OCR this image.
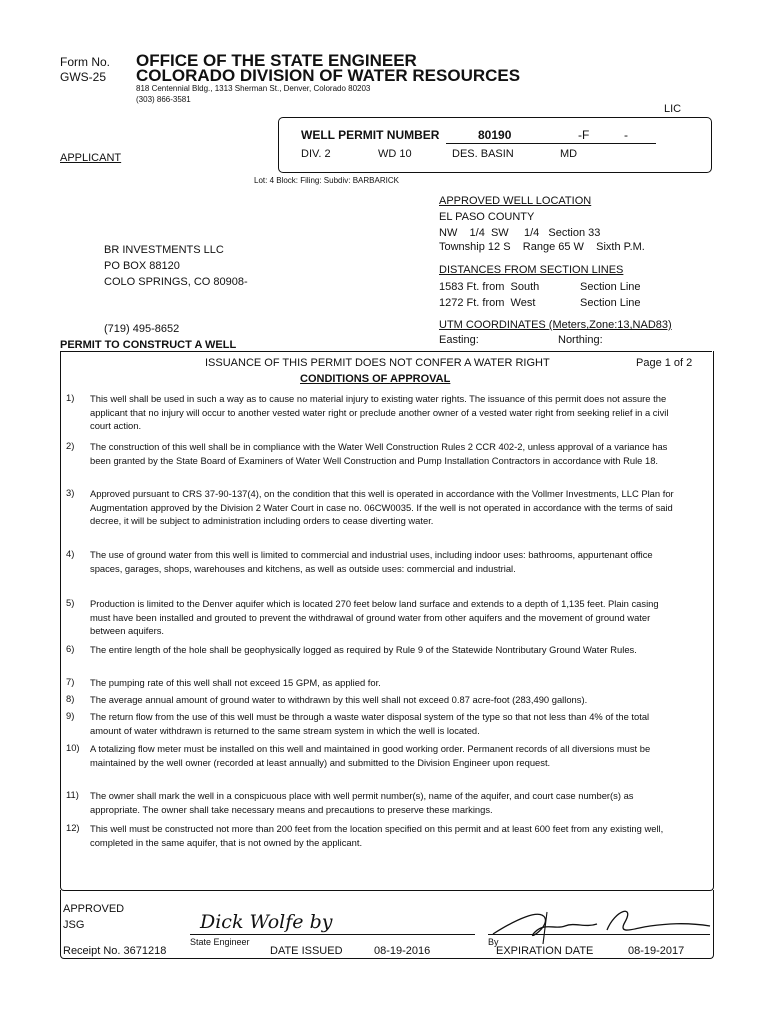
Form No.
GWS-25
OFFICE OF THE STATE ENGINEER
COLORADO DIVISION OF WATER RESOURCES
818 Centennial Bldg., 1313 Sherman St., Denver, Colorado 80203
(303) 866-3581
LIC
WELL PERMIT NUMBER	80190	-F	-
DIV. 2	WD 10	DES. BASIN	MD
Lot: 4 Block: Filing: Subdiv: BARBARICK
APPLICANT
BR INVESTMENTS LLC
PO BOX 88120
COLO SPRINGS, CO 80908-
(719) 495-8652
APPROVED WELL LOCATION
EL PASO COUNTY
NW    1/4  SW     1/4   Section 33
Township 12 S    Range 65 W    Sixth P.M.
DISTANCES FROM SECTION LINES
1583 Ft. from  South	Section Line
1272 Ft. from  West	Section Line
UTM COORDINATES (Meters,Zone:13,NAD83)
Easting:	Northing:
PERMIT TO CONSTRUCT A WELL
ISSUANCE OF THIS PERMIT DOES NOT CONFER A WATER RIGHT	Page 1 of 2
CONDITIONS OF APPROVAL
1) This well shall be used in such a way as to cause no material injury to existing water rights. The issuance of this permit does not assure the applicant that no injury will occur to another vested water right or preclude another owner of a vested water right from seeking relief in a civil court action.
2) The construction of this well shall be in compliance with the Water Well Construction Rules 2 CCR 402-2, unless approval of a variance has been granted by the State Board of Examiners of Water Well Construction and Pump Installation Contractors in accordance with Rule 18.
3) Approved pursuant to CRS 37-90-137(4), on the condition that this well is operated in accordance with the Vollmer Investments, LLC Plan for Augmentation approved by the Division 2 Water Court in case no. 06CW0035. If the well is not operated in accordance with the terms of said decree, it will be subject to administration including orders to cease diverting water.
4) The use of ground water from this well is limited to commercial and industrial uses, including indoor uses: bathrooms, appurtenant office spaces, garages, shops, warehouses and kitchens, as well as outside uses: commercial and industrial.
5) Production is limited to the Denver aquifer which is located 270 feet below land surface and extends to a depth of 1,135 feet. Plain casing must have been installed and grouted to prevent the withdrawal of ground water from other aquifers and the movement of ground water between aquifers.
6) The entire length of the hole shall be geophysically logged as required by Rule 9 of the Statewide Nontributary Ground Water Rules.
7) The pumping rate of this well shall not exceed 15 GPM, as applied for.
8) The average annual amount of ground water to withdrawn by this well shall not exceed 0.87 acre-foot (283,490 gallons).
9) The return flow from the use of this well must be through a waste water disposal system of the type so that not less than 4% of the total amount of water withdrawn is returned to the same stream system in which the well is located.
10) A totalizing flow meter must be installed on this well and maintained in good working order. Permanent records of all diversions must be maintained by the well owner (recorded at least annually) and submitted to the Division Engineer upon request.
11) The owner shall mark the well in a conspicuous place with well permit number(s), name of the aquifer, and court case number(s) as appropriate. The owner shall take necessary means and precautions to preserve these markings.
12) This well must be constructed not more than 200 feet from the location specified on this permit and at least 600 feet from any existing well, completed in the same aquifer, that is not owned by the applicant.
APPROVED
JSG	Dick Wolfe by
State Engineer	By
Receipt No. 3671218	DATE ISSUED	08-19-2016	EXPIRATION DATE	08-19-2017
